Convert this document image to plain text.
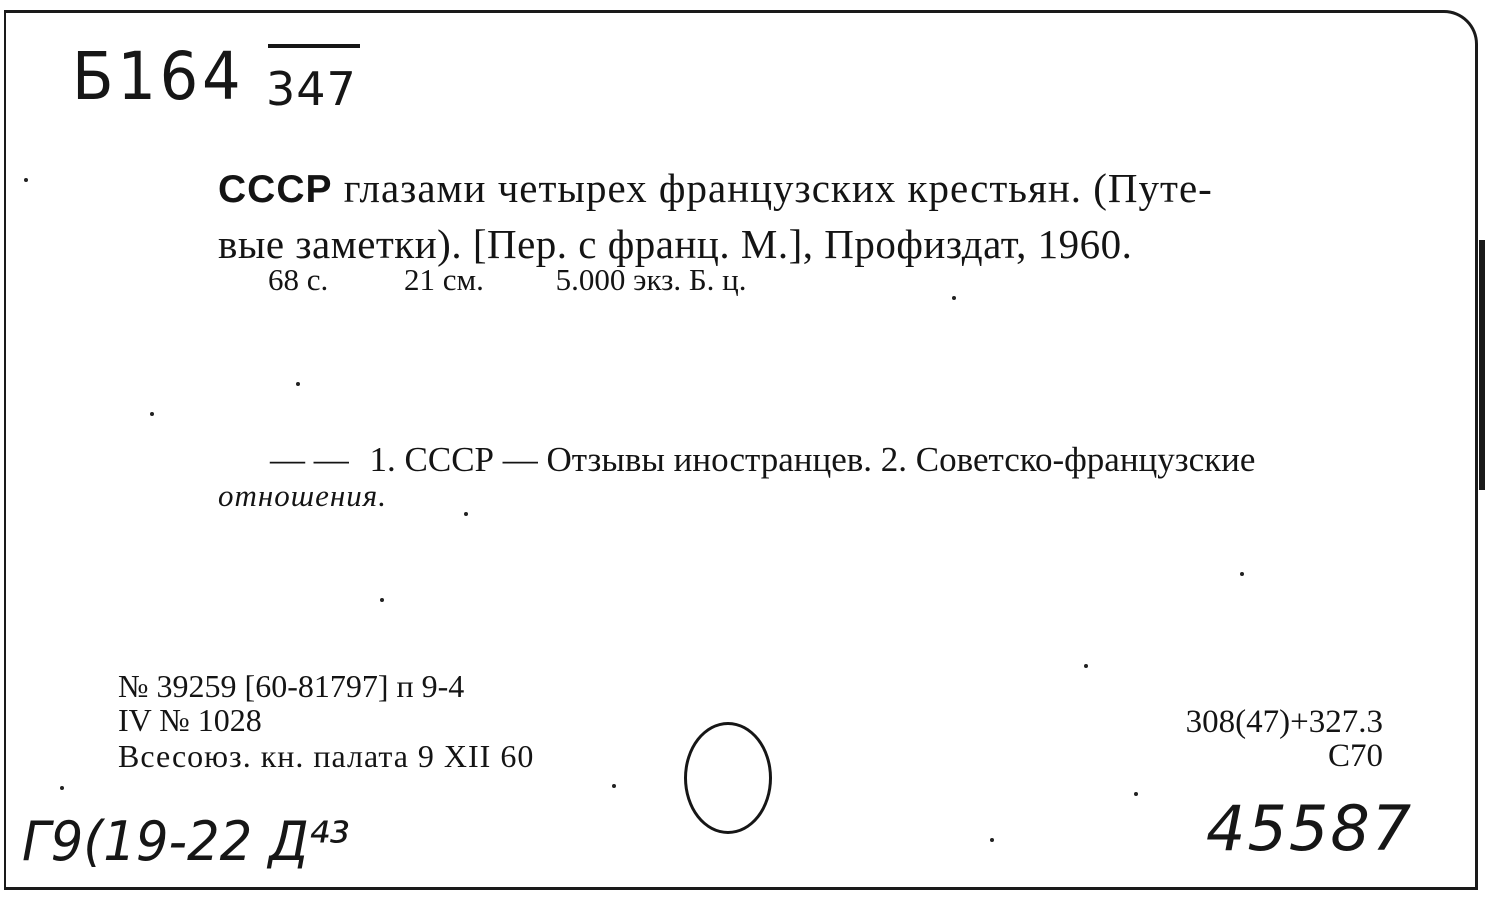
Б164 347
СССР глазами четырех французских крестьян. (Путе-
вые заметки). [Пер. с франц. М.], Профиздат, 1960.
68 с. 21 см. 5.000 экз. Б. ц.
— — 1. СССР — Отзывы иностранцев. 2. Советско-французские
отношения.
№ 39259 [60-81797] п 9-4
IV № 1028
Всесоюз. кн. палата 9 XII 60
308(47)+327.3
С70
Г9(19-22 Д⁴³	45587
